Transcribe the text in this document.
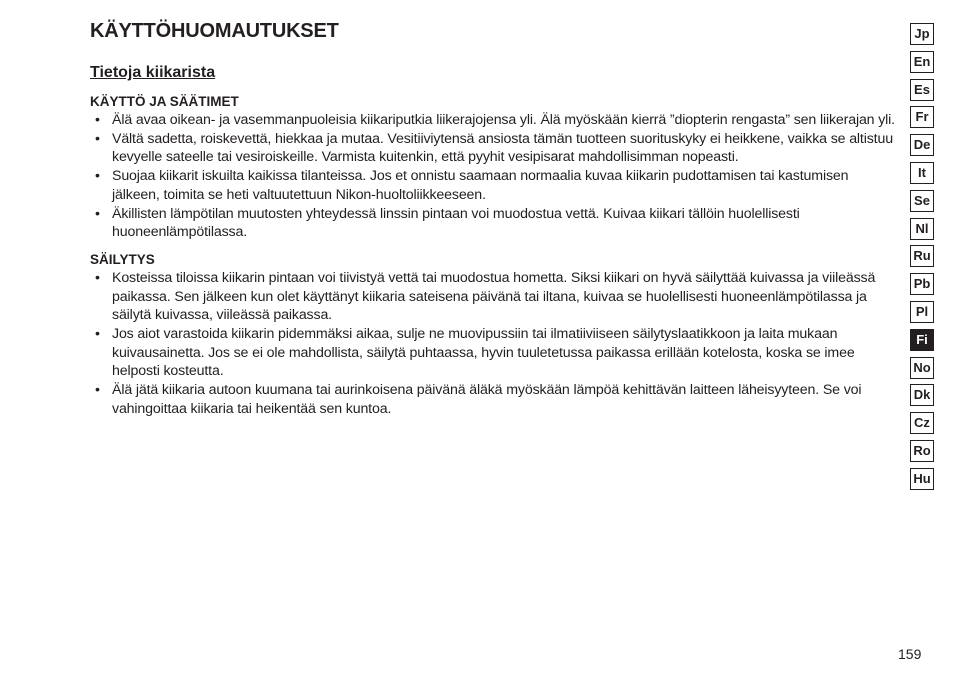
KÄYTTÖHUOMAUTUKSET
Tietoja kiikarista
KÄYTTÖ JA SÄÄTIMET
• Älä avaa oikean- ja vasemmanpuoleisia kiikariputkia liikerajojensa yli. Älä myöskään kierrä ”diopterin rengasta” sen liikerajan yli.
• Vältä sadetta, roiskevettä, hiekkaa ja mutaa. Vesitiiviytensä ansiosta tämän tuotteen suorituskyky ei heikkene, vaikka se altistuu kevyelle sateelle tai vesiroiskeille. Varmista kuitenkin, että pyyhit vesipisarat mahdollisimman nopeasti.
• Suojaa kiikarit iskuilta kaikissa tilanteissa. Jos et onnistu saamaan normaalia kuvaa kiikarin pudottamisen tai kastumisen jälkeen, toimita se heti valtuutettuun Nikon-huoltoliikkeeseen.
• Äkillisten lämpötilan muutosten yhteydessä linssin pintaan voi muodostua vettä. Kuivaa kiikari tällöin huolellisesti huoneenlämpötilassa.
SÄILYTYS
• Kosteissa tiloissa kiikarin pintaan voi tiivistyä vettä tai muodostua homettа. Siksi kiikari on hyvä säilyttää kuivassa ja viileässä paikassa. Sen jälkeen kun olet käyttänyt kiikaria sateisena päivänä tai iltana, kuivaa se huolellisesti huoneenlämpötilassa ja säilytä kuivassa, viileässä paikassa.
• Jos aiot varastoida kiikarin pidemmäksi aikaa, sulje ne muovipussiin tai ilmatiiviiseen säilytyslaatikkoon ja laita mukaan kuivausainetta. Jos se ei ole mahdollista, säilytä puhtaassa, hyvin tuuletetussa paikassa erillään kotelosta, koska se imee helposti kosteutta.
• Älä jätä kiikaria autoon kuumana tai aurinkoisena päivänä äläkä myöskään lämpöä kehittävän laitteen läheisyyteen. Se voi vahingoittaa kiikaria tai heikentää sen kuntoa.
Jp
En
Es
Fr
De
It
Se
Nl
Ru
Pb
Pl
Fi
No
Dk
Cz
Ro
Hu
159
